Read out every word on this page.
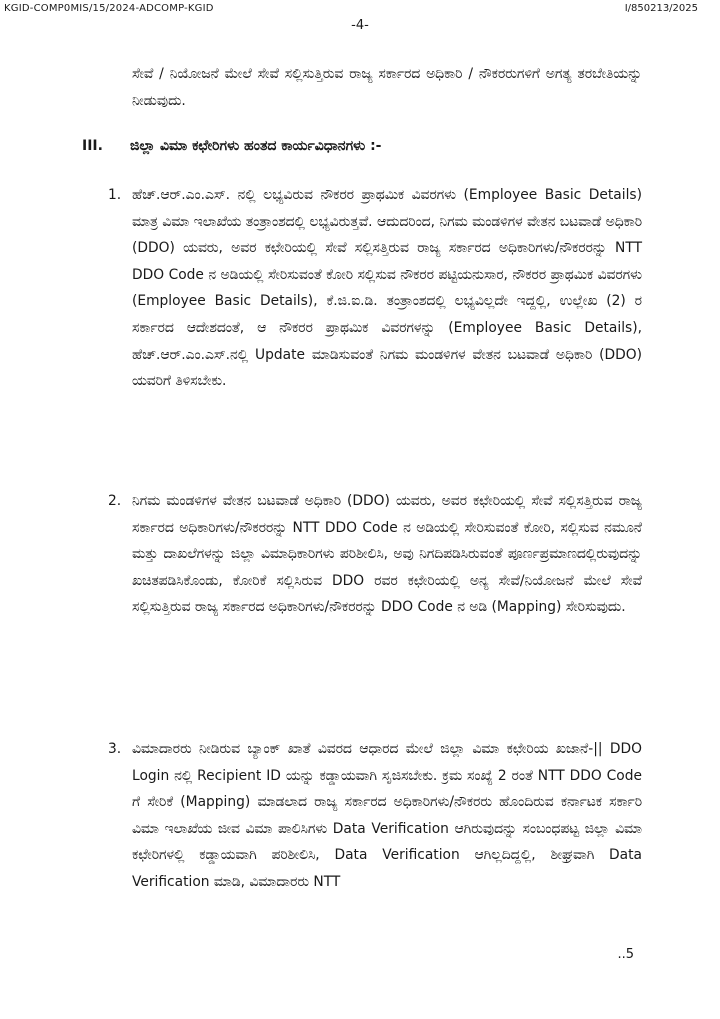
KGID-COMP0MIS/15/2024-ADCOMP-KGID	I/850213/2025
-4-
ಸೇವೆ / ನಿಯೋಜನೆ ಮೇಲೆ ಸೇವೆ ಸಲ್ಲಿಸುತ್ತಿರುವ ರಾಜ್ಯ ಸರ್ಕಾರದ ಅಧಿಕಾರಿ / ನೌಕರರುಗಳಿಗೆ ಅಗತ್ಯ ತರಬೇತಿಯನ್ನು ನೀಡುವುದು.
III.	ಜಿಲ್ಲಾ ವಿಮಾ ಕಛೇರಿಗಳು ಹಂತದ ಕಾರ್ಯವಿಧಾನಗಳು :-
1. ಹೆಚ್.ಆರ್.ಎಂ.ಎಸ್. ನಲ್ಲಿ ಲಭ್ಯವಿರುವ ನೌಕರರ ಪ್ರಾಥಮಿಕ ವಿವರಗಳು (Employee Basic Details) ಮಾತ್ರ ವಿಮಾ ಇಲಾಖೆಯ ತಂತ್ರಾಂಶದಲ್ಲಿ ಲಭ್ಯವಿರುತ್ತವೆ. ಆದುದರಿಂದ, ನಿಗಮ ಮಂಡಳಿಗಳ ವೇತನ ಬಟವಾಡೆ ಅಧಿಕಾರಿ (DDO) ಯವರು, ಅವರ ಕಛೇರಿಯಲ್ಲಿ ಸೇವೆ ಸಲ್ಲಿಸತ್ತಿರುವ ರಾಜ್ಯ ಸರ್ಕಾರದ ಅಧಿಕಾರಿಗಳು/ನೌಕರರನ್ನು NTT DDO Code ನ ಅಡಿಯಲ್ಲಿ ಸೇರಿಸುವಂತೆ ಕೋರಿ ಸಲ್ಲಿಸುವ ನೌಕರರ ಪಟ್ಟಿಯನುಸಾರ, ನೌಕರರ ಪ್ರಾಥಮಿಕ ವಿವರಗಳು (Employee Basic Details), ಕೆ.ಜಿ.ಐ.ಡಿ. ತಂತ್ರಾಂಶದಲ್ಲಿ ಲಭ್ಯವಿಲ್ಲದೇ ಇದ್ದಲ್ಲಿ, ಉಲ್ಲೇಖ (2) ರ ಸರ್ಕಾರದ ಆದೇಶದಂತೆ, ಆ ನೌಕರರ ಪ್ರಾಥಮಿಕ ವಿವರಗಳನ್ನು (Employee Basic Details), ಹೆಚ್.ಆರ್.ಎಂ.ಎಸ್.ನಲ್ಲಿ Update ಮಾಡಿಸುವಂತೆ ನಿಗಮ ಮಂಡಳಿಗಳ ವೇತನ ಬಟವಾಡೆ ಅಧಿಕಾರಿ (DDO) ಯವರಿಗೆ ತಿಳಿಸಬೇಕು.
2. ನಿಗಮ ಮಂಡಳಿಗಳ ವೇತನ ಬಟವಾಡೆ ಅಧಿಕಾರಿ (DDO) ಯವರು, ಅವರ ಕಛೇರಿಯಲ್ಲಿ ಸೇವೆ ಸಲ್ಲಿಸತ್ತಿರುವ ರಾಜ್ಯ ಸರ್ಕಾರದ ಅಧಿಕಾರಿಗಳು/ನೌಕರರನ್ನು NTT DDO Code ನ ಅಡಿಯಲ್ಲಿ ಸೇರಿಸುವಂತೆ ಕೋರಿ, ಸಲ್ಲಿಸುವ ನಮೂನೆ ಮತ್ತು ದಾಖಲೆಗಳನ್ನು ಜಿಲ್ಲಾ ವಿಮಾಧಿಕಾರಿಗಳು ಪರಿಶೀಲಿಸಿ, ಅವು ನಿಗದಿಪಡಿಸಿರುವಂತೆ ಪೂರ್ಣಪ್ರಮಾಣದಲ್ಲಿರುವುದನ್ನು ಖಚಿತಪಡಿಸಿಕೊಂಡು, ಕೋರಿಕೆ ಸಲ್ಲಿಸಿರುವ DDO ರವರ ಕಛೇರಿಯಲ್ಲಿ ಅನ್ಯ ಸೇವೆ/ನಿಯೋಜನೆ ಮೇಲೆ ಸೇವೆ ಸಲ್ಲಿಸುತ್ತಿರುವ ರಾಜ್ಯ ಸರ್ಕಾರದ ಅಧಿಕಾರಿಗಳು/ನೌಕರರನ್ನು DDO Code ನ ಅಡಿ (Mapping) ಸೇರಿಸುವುದು.
3. ವಿಮಾದಾರರು ನೀಡಿರುವ ಬ್ಯಾಂಕ್ ಖಾತೆ ವಿವರದ ಆಧಾರದ ಮೇಲೆ ಜಿಲ್ಲಾ ವಿಮಾ ಕಛೇರಿಯ ಖಜಾನೆ-|| DDO Login ನಲ್ಲಿ Recipient ID ಯನ್ನು ಕಡ್ಡಾಯವಾಗಿ ಸೃಜಿಸಬೇಕು. ಕ್ರಮ ಸಂಖ್ಯೆ 2 ರಂತೆ NTT DDO Code ಗೆ ಸೇರಿಕೆ (Mapping) ಮಾಡಲಾದ ರಾಜ್ಯ ಸರ್ಕಾರದ ಅಧಿಕಾರಿಗಳು/ನೌಕರರು ಹೊಂದಿರುವ ಕರ್ನಾಟಕ ಸರ್ಕಾರಿ ವಿಮಾ ಇಲಾಖೆಯ ಜೀವ ವಿಮಾ ಪಾಲಿಸಿಗಳು Data Verification ಆಗಿರುವುದನ್ನು ಸಂಬಂಧಪಟ್ಟ ಜಿಲ್ಲಾ ವಿಮಾ ಕಛೇರಿಗಳಲ್ಲಿ ಕಡ್ಡಾಯವಾಗಿ ಪರಿಶೀಲಿಸಿ, Data Verification ಆಗಿಲ್ಲದಿದ್ದಲ್ಲಿ, ಶೀಘ್ರವಾಗಿ Data Verification ಮಾಡಿ, ವಿಮಾದಾರರು NTT
..5
